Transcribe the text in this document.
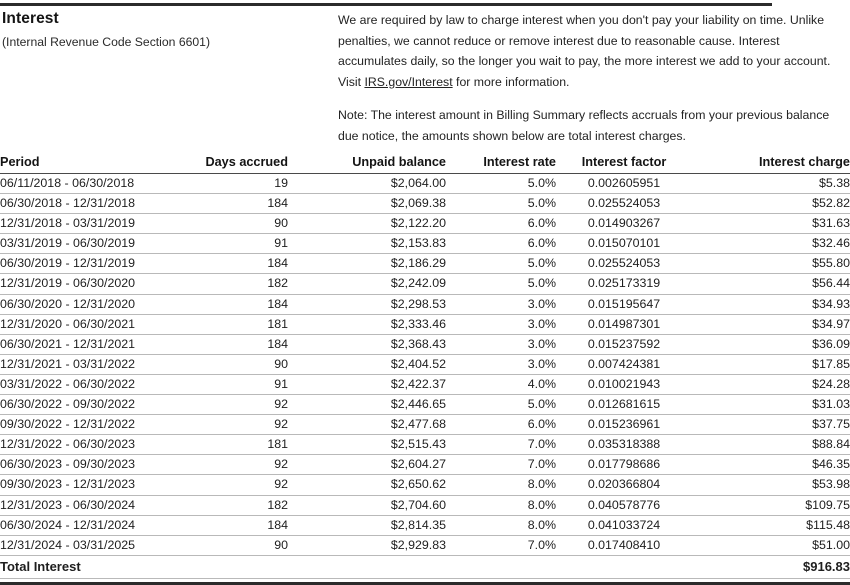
Interest
(Internal Revenue Code Section 6601)

We are required by law to charge interest when you don't pay your liability on time. Unlike penalties, we cannot reduce or remove interest due to reasonable cause. Interest accumulates daily, so the longer you wait to pay, the more interest we add to your account. Visit IRS.gov/Interest for more information.

Note: The interest amount in Billing Summary reflects accruals from your previous balance due notice, the amounts shown below are total interest charges.

Period	Days accrued	Unpaid balance	Interest rate	Interest factor	Interest charge
06/11/2018 - 06/30/2018	19	$2,064.00	5.0%	0.002605951	$5.38
06/30/2018 - 12/31/2018	184	$2,069.38	5.0%	0.025524053	$52.82
12/31/2018 - 03/31/2019	90	$2,122.20	6.0%	0.014903267	$31.63
03/31/2019 - 06/30/2019	91	$2,153.83	6.0%	0.015070101	$32.46
06/30/2019 - 12/31/2019	184	$2,186.29	5.0%	0.025524053	$55.80
12/31/2019 - 06/30/2020	182	$2,242.09	5.0%	0.025173319	$56.44
06/30/2020 - 12/31/2020	184	$2,298.53	3.0%	0.015195647	$34.93
12/31/2020 - 06/30/2021	181	$2,333.46	3.0%	0.014987301	$34.97
06/30/2021 - 12/31/2021	184	$2,368.43	3.0%	0.015237592	$36.09
12/31/2021 - 03/31/2022	90	$2,404.52	3.0%	0.007424381	$17.85
03/31/2022 - 06/30/2022	91	$2,422.37	4.0%	0.010021943	$24.28
06/30/2022 - 09/30/2022	92	$2,446.65	5.0%	0.012681615	$31.03
09/30/2022 - 12/31/2022	92	$2,477.68	6.0%	0.015236961	$37.75
12/31/2022 - 06/30/2023	181	$2,515.43	7.0%	0.035318388	$88.84
06/30/2023 - 09/30/2023	92	$2,604.27	7.0%	0.017798686	$46.35
09/30/2023 - 12/31/2023	92	$2,650.62	8.0%	0.020366804	$53.98
12/31/2023 - 06/30/2024	182	$2,704.60	8.0%	0.040578776	$109.75
06/30/2024 - 12/31/2024	184	$2,814.35	8.0%	0.041033724	$115.48
12/31/2024 - 03/31/2025	90	$2,929.83	7.0%	0.017408410	$51.00
Total Interest					$916.83
